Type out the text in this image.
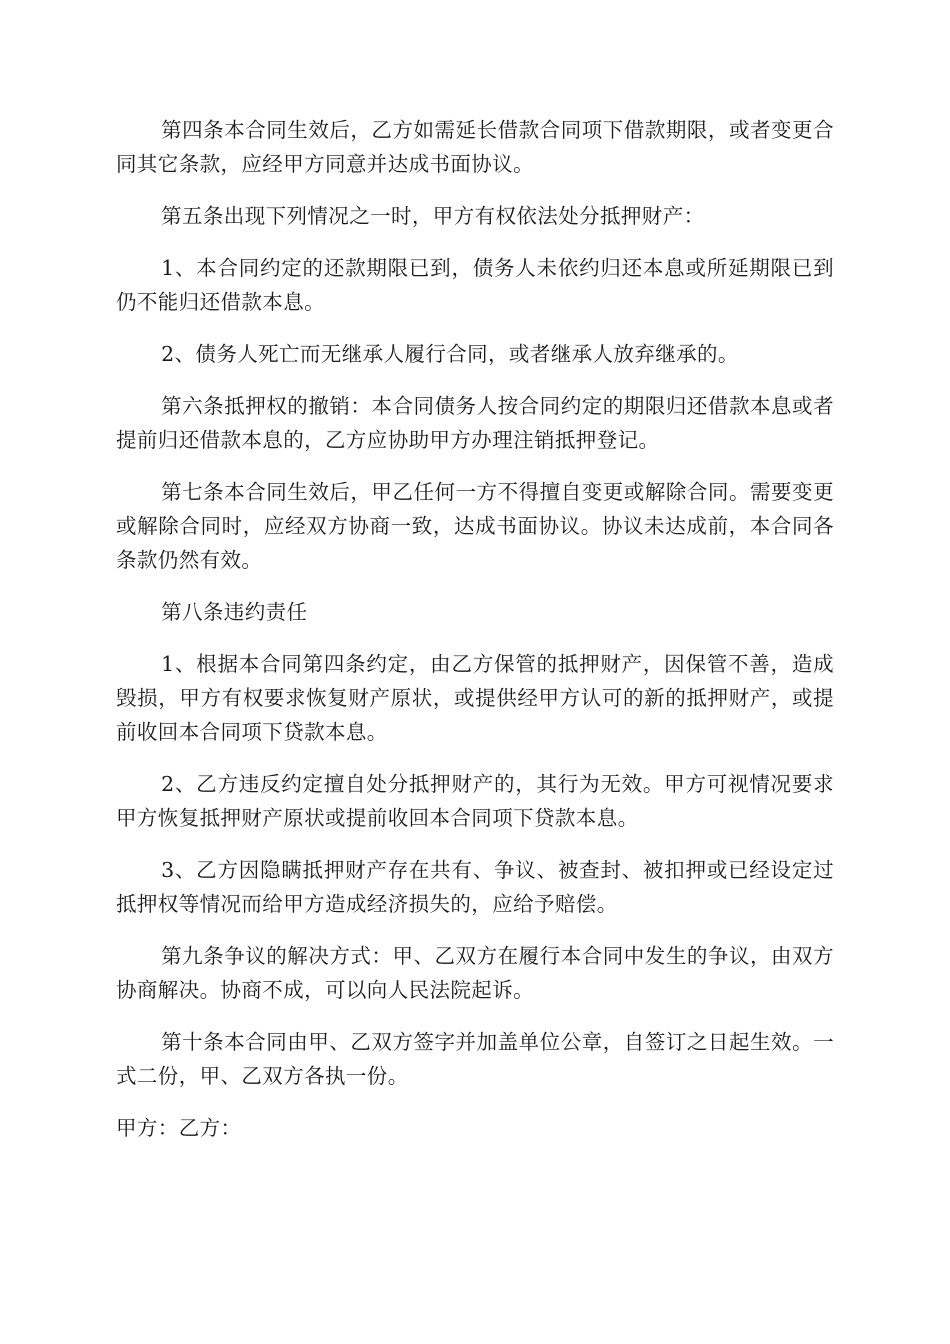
第四条本合同生效后，乙方如需延长借款合同项下借款期限，或者变更合同其它条款，应经甲方同意并达成书面协议。

第五条出现下列情况之一时，甲方有权依法处分抵押财产：

1、本合同约定的还款期限已到，债务人未依约归还本息或所延期限已到仍不能归还借款本息。

2、债务人死亡而无继承人履行合同，或者继承人放弃继承的。

第六条抵押权的撤销：本合同债务人按合同约定的期限归还借款本息或者提前归还借款本息的，乙方应协助甲方办理注销抵押登记。

第七条本合同生效后，甲乙任何一方不得擅自变更或解除合同。需要变更或解除合同时，应经双方协商一致，达成书面协议。协议未达成前，本合同各条款仍然有效。

第八条违约责任

1、根据本合同第四条约定，由乙方保管的抵押财产，因保管不善，造成毁损，甲方有权要求恢复财产原状，或提供经甲方认可的新的抵押财产，或提前收回本合同项下贷款本息。

2、乙方违反约定擅自处分抵押财产的，其行为无效。甲方可视情况要求甲方恢复抵押财产原状或提前收回本合同项下贷款本息。

3、乙方因隐瞒抵押财产存在共有、争议、被查封、被扣押或已经设定过抵押权等情况而给甲方造成经济损失的，应给予赔偿。

第九条争议的解决方式：甲、乙双方在履行本合同中发生的争议，由双方协商解决。协商不成，可以向人民法院起诉。

第十条本合同由甲、乙双方签字并加盖单位公章，自签订之日起生效。一式二份，甲、乙双方各执一份。

甲方：乙方：
